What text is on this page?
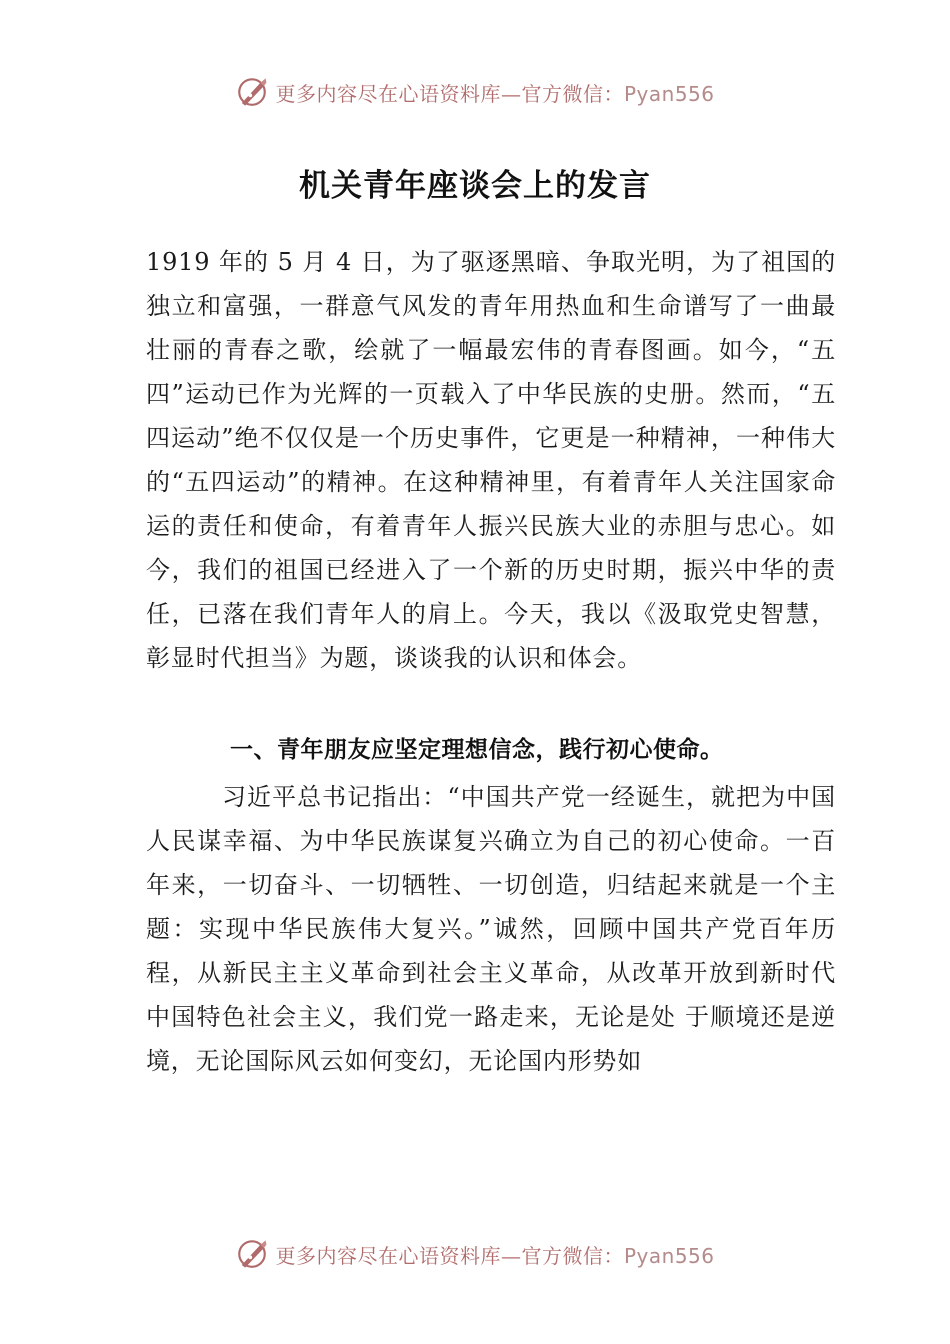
更多内容尽在心语资料库—官方微信：Pyan556
机关青年座谈会上的发言

1919 年的 5 月 4 日，为了驱逐黑暗、争取光明，为了祖国的独立和富强，一群意气风发的青年用热血和生命谱写了一曲最壮丽的青春之歌，绘就了一幅最宏伟的青春图画。如今，“五四”运动已作为光辉的一页载入了中华民族的史册。然而，“五四运动”绝不仅仅是一个历史事件，它更是一种精神，一种伟大的“五四运动”的精神。在这种精神里，有着青年人关注国家命运的责任和使命，有着青年人振兴民族大业的赤胆与忠心。如今，我们的祖国已经进入了一个新的历史时期，振兴中华的责任，已落在我们青年人的肩上。今天，我以《汲取党史智慧，彰显时代担当》为题，谈谈我的认识和体会。

一、青年朋友应坚定理想信念，践行初心使命。

习近平总书记指出：“中国共产党一经诞生，就把为中国人民谋幸福、为中华民族谋复兴确立为自己的初心使命。一百年来，一切奋斗、一切牺牲、一切创造，归结起来就是一个主题：实现中华民族伟大复兴。”诚然，回顾中国共产党百年历程，从新民主主义革命到社会主义革命，从改革开放到新时代中国特色社会主义，我们党一路走来，无论是处 于顺境还是逆境，无论国际风云如何变幻，无论国内形势如

更多内容尽在心语资料库—官方微信：Pyan556
